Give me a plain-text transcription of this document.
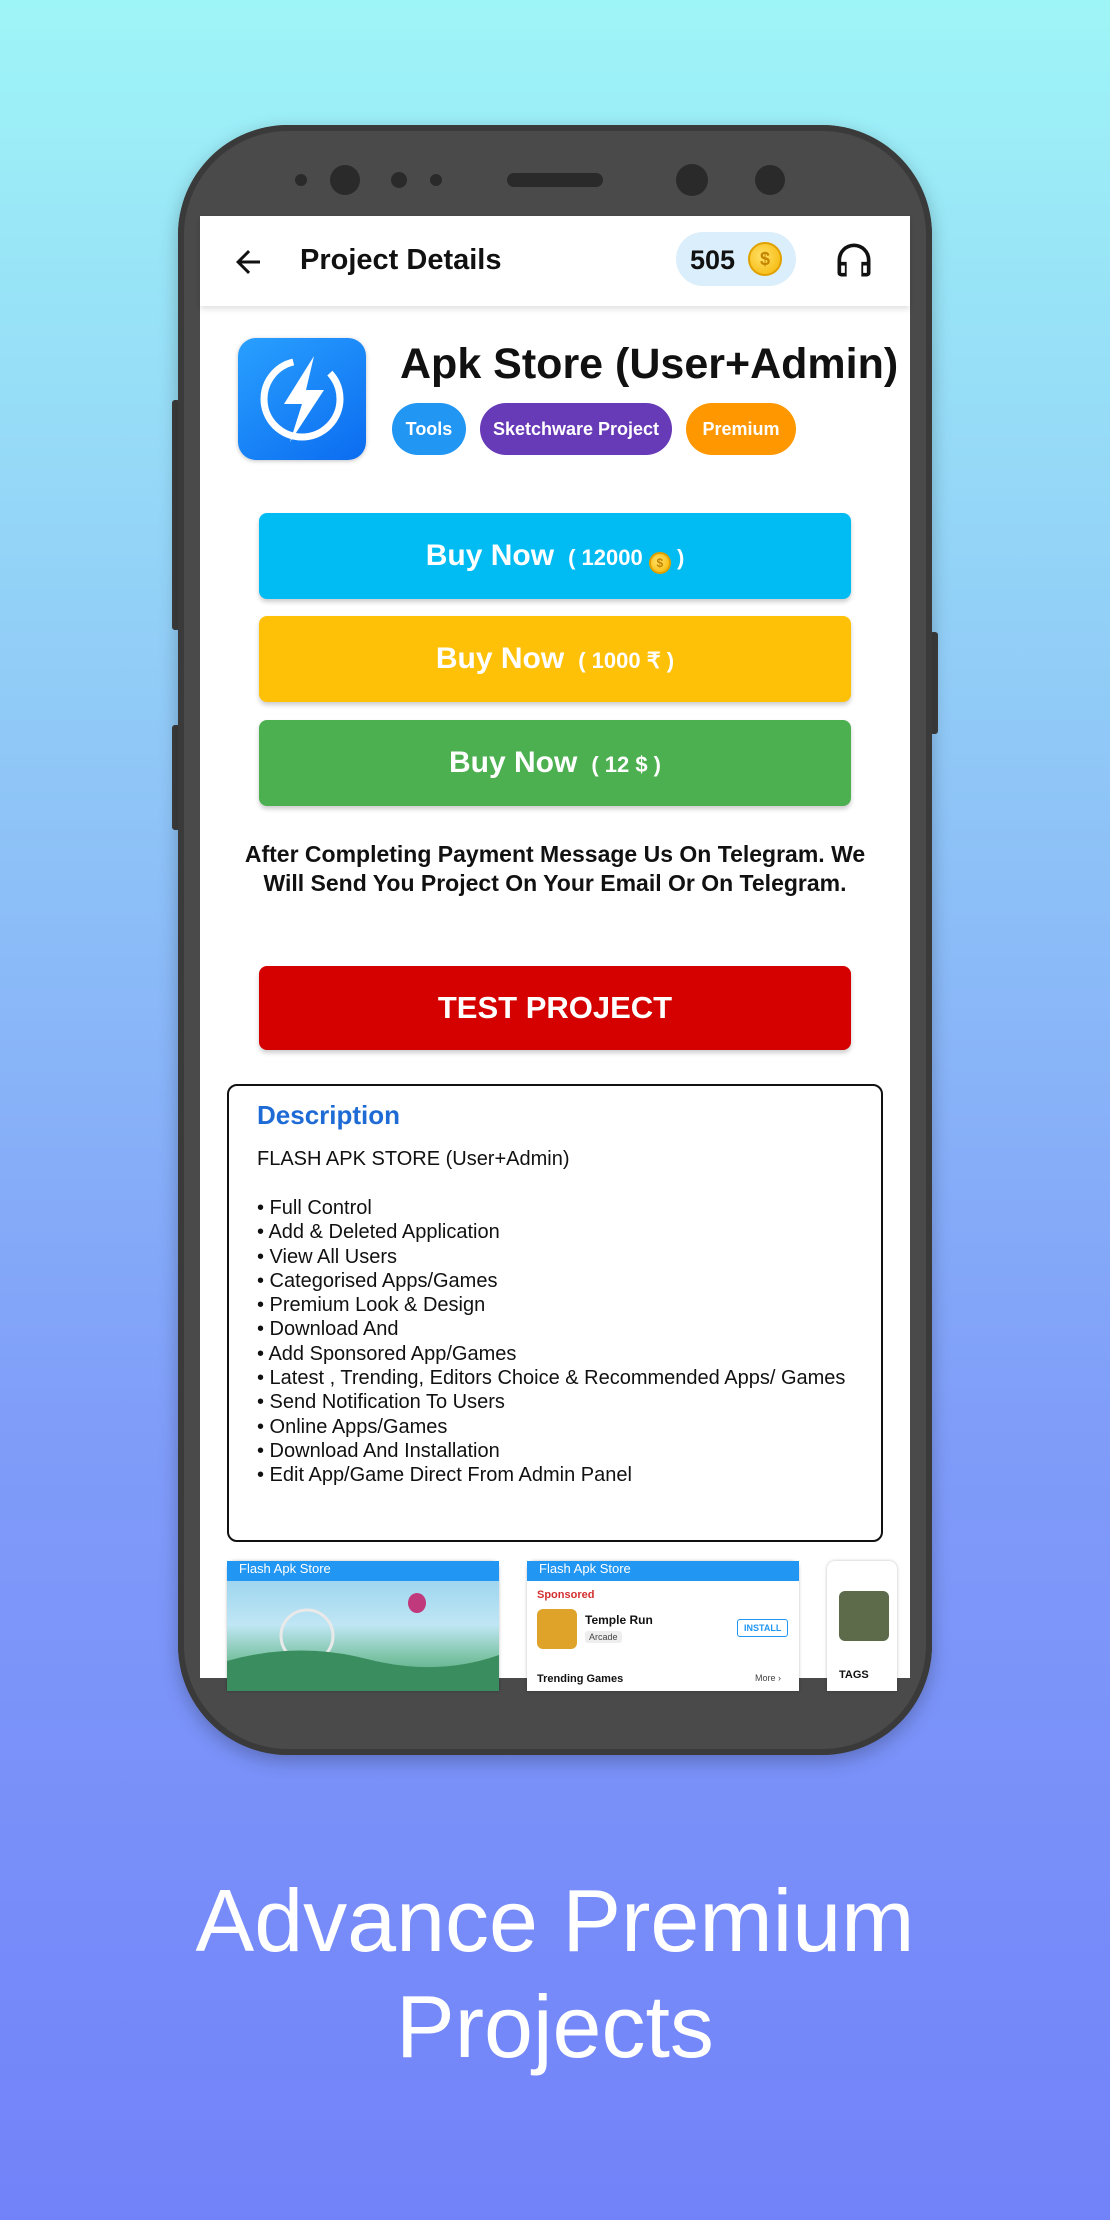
Project Details	505	$
Apk Store (User+Admin)
Tools	Sketchware Project	Premium
Buy Now ( 12000 $ )
Buy Now ( 1000 ₹ )
Buy Now ( 12 $ )
After Completing Payment Message Us On Telegram. We Will Send You Project On Your Email Or On Telegram.
TEST PROJECT
Description
FLASH APK STORE (User+Admin)
• Full Control
• Add & Deleted Application
• View All Users
• Categorised Apps/Games
• Premium Look & Design
• Download And
• Add Sponsored App/Games
• Latest , Trending, Editors Choice & Recommended Apps/ Games
• Send Notification To Users
• Online Apps/Games
• Download And Installation
• Edit App/Game Direct From Admin Panel
Flash Apk Store	Flash Apk Store
Sponsored
Temple Run
Arcade
INSTALL
Trending Games	More ›	TAGS
Advance Premium
Projects
